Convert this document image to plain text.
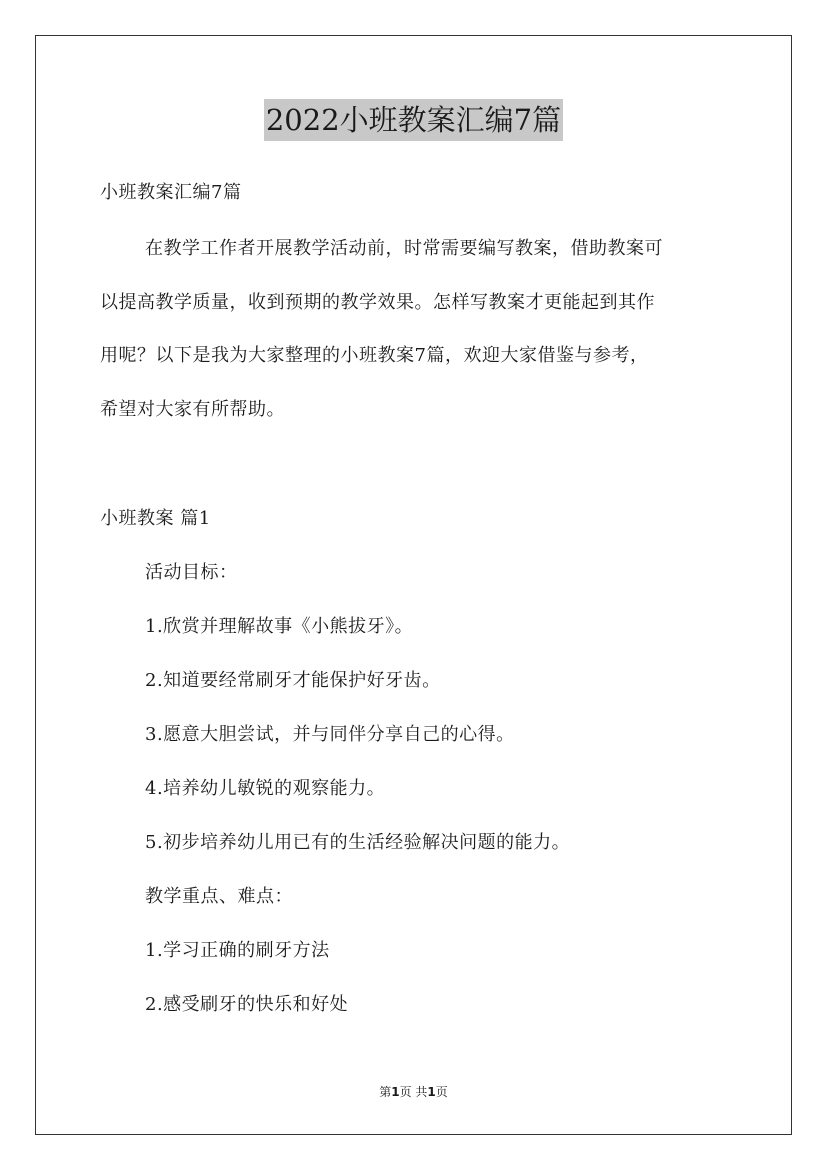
2022小班教案汇编7篇
小班教案汇编7篇
在教学工作者开展教学活动前，时常需要编写教案，借助教案可
以提高教学质量，收到预期的教学效果。怎样写教案才更能起到其作
用呢？以下是我为大家整理的小班教案7篇，欢迎大家借鉴与参考，
希望对大家有所帮助。
小班教案 篇1
活动目标：
1.欣赏并理解故事《小熊拔牙》。
2.知道要经常刷牙才能保护好牙齿。
3.愿意大胆尝试，并与同伴分享自己的心得。
4.培养幼儿敏锐的观察能力。
5.初步培养幼儿用已有的生活经验解决问题的能力。
教学重点、难点：
1.学习正确的刷牙方法
2.感受刷牙的快乐和好处
第1页 共1页
